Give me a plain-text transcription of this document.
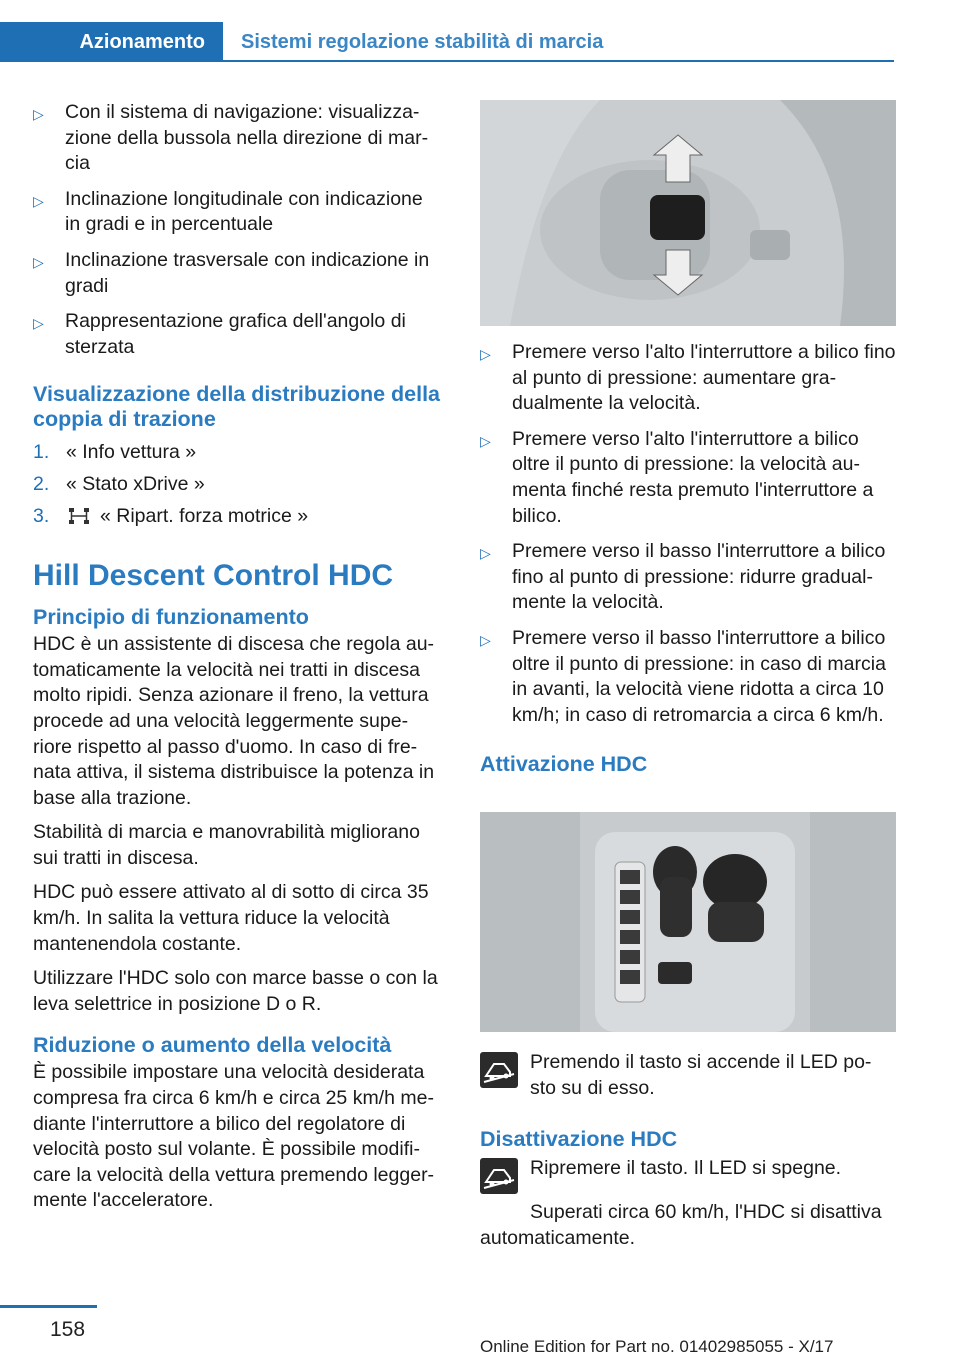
Azionamento	Sistemi regolazione stabilità di marcia
▷	Con il sistema di navigazione: visualizza-zione della bussola nella direzione di mar-cia
▷	Inclinazione longitudinale con indicazione in gradi e in percentuale
▷	Inclinazione trasversale con indicazione in gradi
▷	Rappresentazione grafica dell'angolo di sterzata
Visualizzazione della distribuzione della coppia di trazione
1. « Info vettura »
2. « Stato xDrive »
3.	« Ripart. forza motrice »
Hill Descent Control HDC
Principio di funzionamento

HDC è un assistente di discesa che regola au-tomaticamente la velocità nei tratti in discesa molto ripidi. Senza azionare il freno, la vettura procede ad una velocità leggermente supe-riore rispetto al passo d'uomo. In caso di fre-nata attiva, il sistema distribuisce la potenza in base alla trazione.

Stabilità di marcia e manovrabilità migliorano sui tratti in discesa.

HDC può essere attivato al di sotto di circa 35 km/h. In salita la vettura riduce la velocità mantenendola costante.

Utilizzare l'HDC solo con marce basse o con la leva selettrice in posizione D o R.

Riduzione o aumento della velocità

È possibile impostare una velocità desiderata compresa fra circa 6 km/h e circa 25 km/h me-diante l'interruttore a bilico del regolatore di velocità posto sul volante. È possibile modifi-care la velocità della vettura premendo legger-mente l'acceleratore.

▷	Premere verso l'alto l'interruttore a bilico fino al punto di pressione: aumentare gra-dualmente la velocità.
▷	Premere verso l'alto l'interruttore a bilico oltre il punto di pressione: la velocità au-menta finché resta premuto l'interruttore a bilico.
▷	Premere verso il basso l'interruttore a bilico fino al punto di pressione: ridurre gradual-mente la velocità.
▷	Premere verso il basso l'interruttore a bilico oltre il punto di pressione: in caso di marcia in avanti, la velocità viene ridotta a circa 10 km/h; in caso di retromarcia a circa 6 km/h.
Attivazione HDC
Premendo il tasto si accende il LED po-sto su di esso.
Disattivazione HDC
Ripremere il tasto. Il LED si spegne.

Superati circa 60 km/h, l'HDC si disattiva automaticamente.

158
Online Edition for Part no. 01402985055 - X/17
